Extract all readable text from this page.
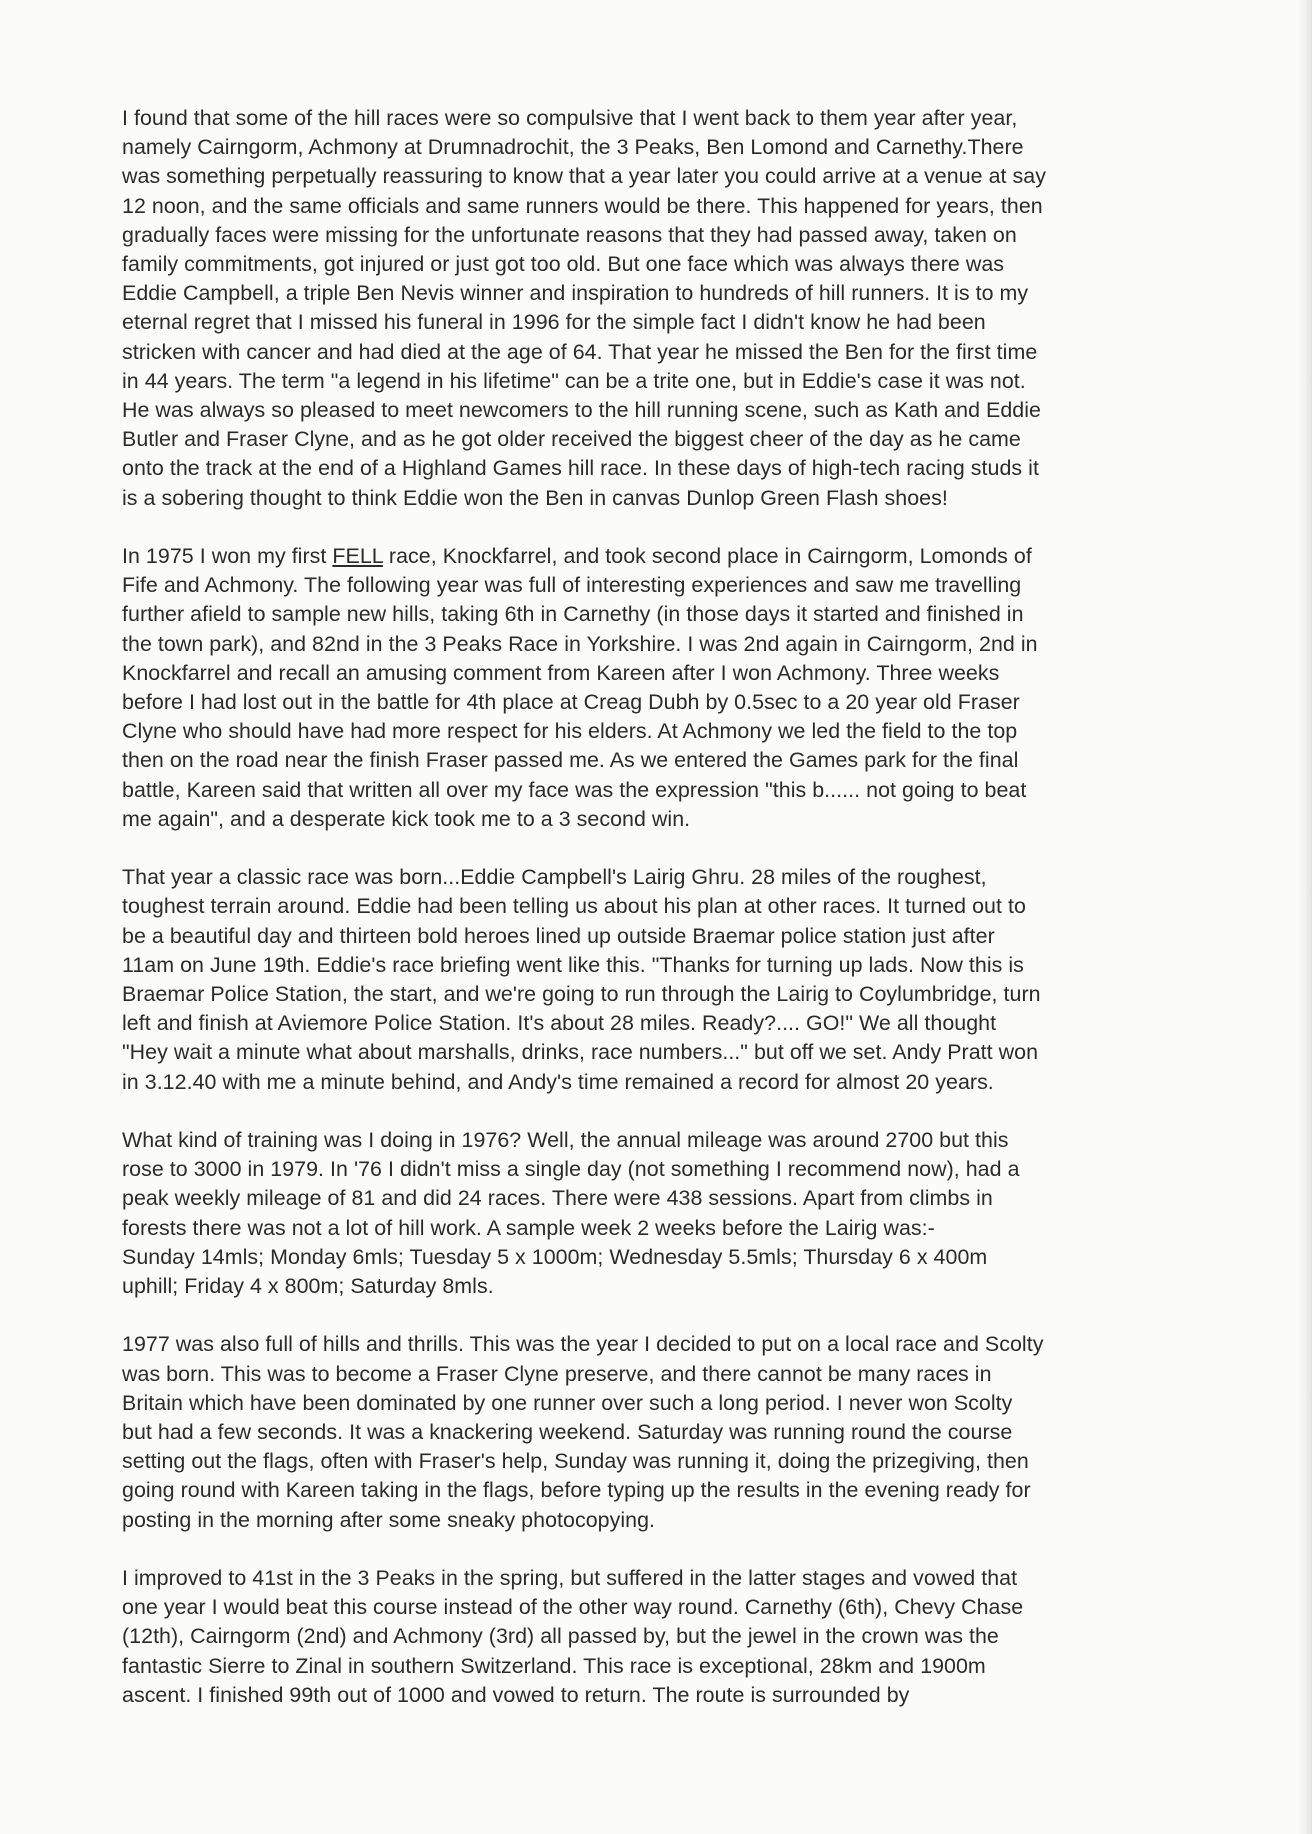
I found that some of the hill races were so compulsive that I went back to them year after year,
namely Cairngorm, Achmony at Drumnadrochit, the 3 Peaks, Ben Lomond and Carnethy.There
was something perpetually reassuring to know that a year later you could arrive at a venue at say
12 noon, and the same officials and same runners would be there. This happened for years, then
gradually faces were missing for the unfortunate reasons that they had passed away, taken on
family commitments, got injured or just got too old. But one face which was always there was
Eddie Campbell, a triple Ben Nevis winner and inspiration to hundreds of hill runners. It is to my
eternal regret that I missed his funeral in 1996 for the simple fact I didn't know he had been
stricken with cancer and had died at the age of 64. That year he missed the Ben for the first time
in 44 years. The term "a legend in his lifetime" can be a trite one, but in Eddie's case it was not.
He was always so pleased to meet newcomers to the hill running scene, such as Kath and Eddie
Butler and Fraser Clyne, and as he got older received the biggest cheer of the day as he came
onto the track at the end of a Highland Games hill race. In these days of high-tech racing studs it
is a sobering thought to think Eddie won the Ben in canvas Dunlop Green Flash shoes!

In 1975 I won my first FELL race, Knockfarrel, and took second place in Cairngorm, Lomonds of
Fife and Achmony. The following year was full of interesting experiences and saw me travelling
further afield to sample new hills, taking 6th in Carnethy (in those days it started and finished in
the town park), and 82nd in the 3 Peaks Race in Yorkshire. I was 2nd again in Cairngorm, 2nd in
Knockfarrel and recall an amusing comment from Kareen after I won Achmony. Three weeks
before I had lost out in the battle for 4th place at Creag Dubh by 0.5sec to a 20 year old Fraser
Clyne who should have had more respect for his elders. At Achmony we led the field to the top
then on the road near the finish Fraser passed me. As we entered the Games park for the final
battle, Kareen said that written all over my face was the expression "this b...... not going to beat
me again", and a desperate kick took me to a 3 second win.

That year a classic race was born...Eddie Campbell's Lairig Ghru. 28 miles of the roughest,
toughest terrain around. Eddie had been telling us about his plan at other races. It turned out to
be a beautiful day and thirteen bold heroes lined up outside Braemar police station just after
11am on June 19th. Eddie's race briefing went like this. "Thanks for turning up lads. Now this is
Braemar Police Station, the start, and we're going to run through the Lairig to Coylumbridge, turn
left and finish at Aviemore Police Station. It's about 28 miles. Ready?.... GO!" We all thought
"Hey wait a minute what about marshalls, drinks, race numbers..." but off we set. Andy Pratt won
in 3.12.40 with me a minute behind, and Andy's time remained a record for almost 20 years.

What kind of training was I doing in 1976? Well, the annual mileage was around 2700 but this
rose to 3000 in 1979. In '76 I didn't miss a single day (not something I recommend now), had a
peak weekly mileage of 81 and did 24 races. There were 438 sessions. Apart from climbs in
forests there was not a lot of hill work. A sample week 2 weeks before the Lairig was:-
Sunday 14mls; Monday 6mls; Tuesday 5 x 1000m; Wednesday 5.5mls; Thursday 6 x 400m
uphill; Friday 4 x 800m; Saturday 8mls.

1977 was also full of hills and thrills. This was the year I decided to put on a local race and Scolty
was born. This was to become a Fraser Clyne preserve, and there cannot be many races in
Britain which have been dominated by one runner over such a long period. I never won Scolty
but had a few seconds. It was a knackering weekend. Saturday was running round the course
setting out the flags, often with Fraser's help, Sunday was running it, doing the prizegiving, then
going round with Kareen taking in the flags, before typing up the results in the evening ready for
posting in the morning after some sneaky photocopying.

I improved to 41st in the 3 Peaks in the spring, but suffered in the latter stages and vowed that
one year I would beat this course instead of the other way round. Carnethy (6th), Chevy Chase
(12th), Cairngorm (2nd) and Achmony (3rd) all passed by, but the jewel in the crown was the
fantastic Sierre to Zinal in southern Switzerland. This race is exceptional, 28km and 1900m
ascent. I finished 99th out of 1000 and vowed to return. The route is surrounded by
